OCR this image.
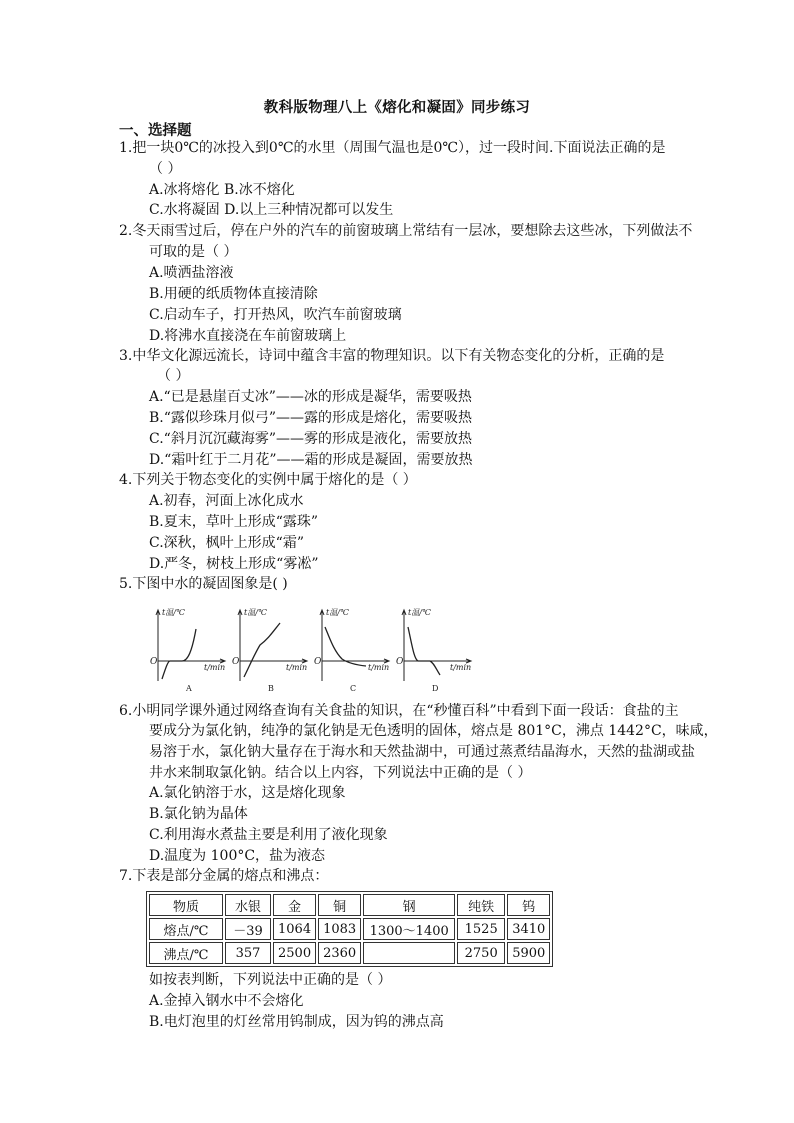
教科版物理八上《熔化和凝固》同步练习
一、选择题
1.把一块0℃的冰投入到0℃的水里（周围气温也是0℃），过一段时间.下面说法正确的是
（ ）
A.冰将熔化 B.冰不熔化
C.水将凝固 D.以上三种情况都可以发生
2.冬天雨雪过后，停在户外的汽车的前窗玻璃上常结有一层冰，要想除去这些冰，下列做法不
可取的是（ ）
A.喷洒盐溶液
B.用硬的纸质物体直接清除
C.启动车子，打开热风，吹汽车前窗玻璃
D.将沸水直接浇在车前窗玻璃上
3.中华文化源远流长，诗词中蕴含丰富的物理知识。以下有关物态变化的分析，正确的是
（ ）
A.“已是悬崖百丈冰”——冰的形成是凝华，需要吸热
B.“露似珍珠月似弓”——露的形成是熔化，需要吸热
C.“斜月沉沉藏海雾”——雾的形成是液化，需要放热
D.“霜叶红于二月花”——霜的形成是凝固，需要放热
4.下列关于物态变化的实例中属于熔化的是（ ）
A.初春，河面上冰化成水
B.夏末，草叶上形成“露珠”
C.深秋，枫叶上形成“霜”
D.严冬，树枝上形成“雾凇”
5.下图中水的凝固图象是( )
t温/℃
O
t/min
A
t温/℃
O
t/min
B
t温/℃
O
t/min
C
t温/℃
O
t/min
D
6.小明同学课外通过网络查询有关食盐的知识，在“秒懂百科”中看到下面一段话：食盐的主
要成分为氯化钠，纯净的氯化钠是无色透明的固体，熔点是 801°C，沸点 1442°C，味咸，
易溶于水，氯化钠大量存在于海水和天然盐湖中，可通过蒸煮结晶海水，天然的盐湖或盐
井水来制取氯化钠。结合以上内容，下列说法中正确的是（ ）
A.氯化钠溶于水，这是熔化现象
B.氯化钠为晶体
C.利用海水煮盐主要是利用了液化现象
D.温度为 100°C，盐为液态
7.下表是部分金属的熔点和沸点：
物质	水银	金	铜	钢	纯铁	钨
熔点/℃	－39	1064	1083	1300～1400	1525	3410
沸点/℃	357	2500	2360		2750	5900
如按表判断，下列说法中正确的是（ ）
A.金掉入钢水中不会熔化
B.电灯泡里的灯丝常用钨制成，因为钨的沸点高
